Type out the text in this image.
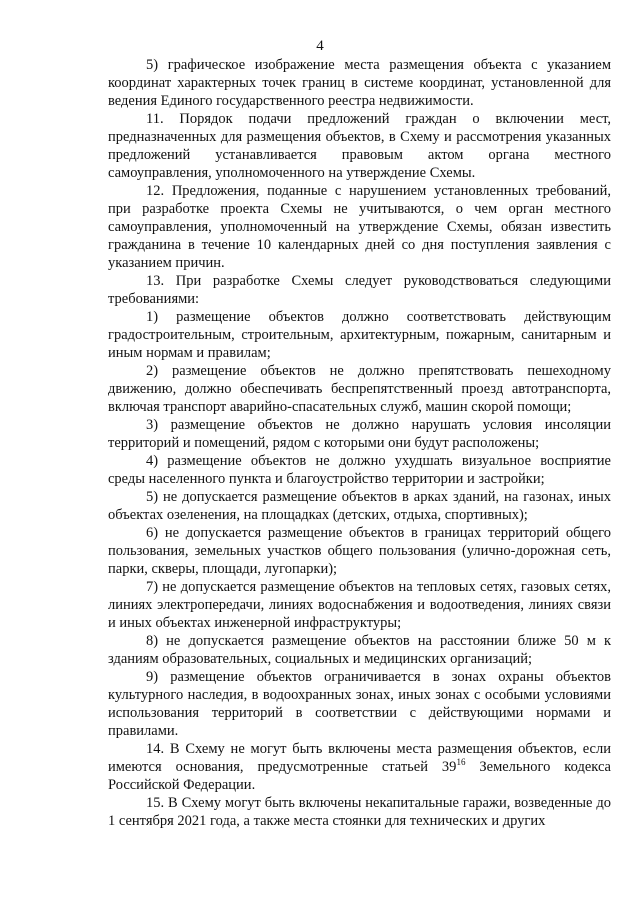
4

5) графическое изображение места размещения объекта с указанием координат характерных точек границ в системе координат, установленной для ведения Единого государственного реестра недвижимости.

11. Порядок подачи предложений граждан о включении мест, предназначенных для размещения объектов, в Схему и рассмотрения указанных предложений устанавливается правовым актом органа местного самоуправления, уполномоченного на утверждение Схемы.

12. Предложения, поданные с нарушением установленных требований, при разработке проекта Схемы не учитываются, о чем орган местного самоуправления, уполномоченный на утверждение Схемы, обязан известить гражданина в течение 10 календарных дней со дня поступления заявления с указанием причин.

13. При разработке Схемы следует руководствоваться следующими требованиями:

1) размещение объектов должно соответствовать действующим градостроительным, строительным, архитектурным, пожарным, санитарным и иным нормам и правилам;

2) размещение объектов не должно препятствовать пешеходному движению, должно обеспечивать беспрепятственный проезд автотранспорта, включая транспорт аварийно-спасательных служб, машин скорой помощи;

3) размещение объектов не должно нарушать условия инсоляции территорий и помещений, рядом с которыми они будут расположены;

4) размещение объектов не должно ухудшать визуальное восприятие среды населенного пункта и благоустройство территории и застройки;

5) не допускается размещение объектов в арках зданий, на газонах, иных объектах озеленения, на площадках (детских, отдыха, спортивных);

6) не допускается размещение объектов в границах территорий общего пользования, земельных участков общего пользования (улично-дорожная сеть, парки, скверы, площади, лугопарки);

7) не допускается размещение объектов на тепловых сетях, газовых сетях, линиях электропередачи, линиях водоснабжения и водоотведения, линиях связи и иных объектах инженерной инфраструктуры;

8) не допускается размещение объектов на расстоянии ближе 50 м к зданиям образовательных, социальных и медицинских организаций;

9) размещение объектов ограничивается в зонах охраны объектов культурного наследия, в водоохранных зонах, иных зонах с особыми условиями использования территорий в соответствии с действующими нормами и правилами.

14. В Схему не могут быть включены места размещения объектов, если имеются основания, предусмотренные статьей 39$^{16}$ Земельного кодекса Российской Федерации.

15. В Схему могут быть включены некапитальные гаражи, возведенные до 1 сентября 2021 года, а также места стоянки для технических и других
